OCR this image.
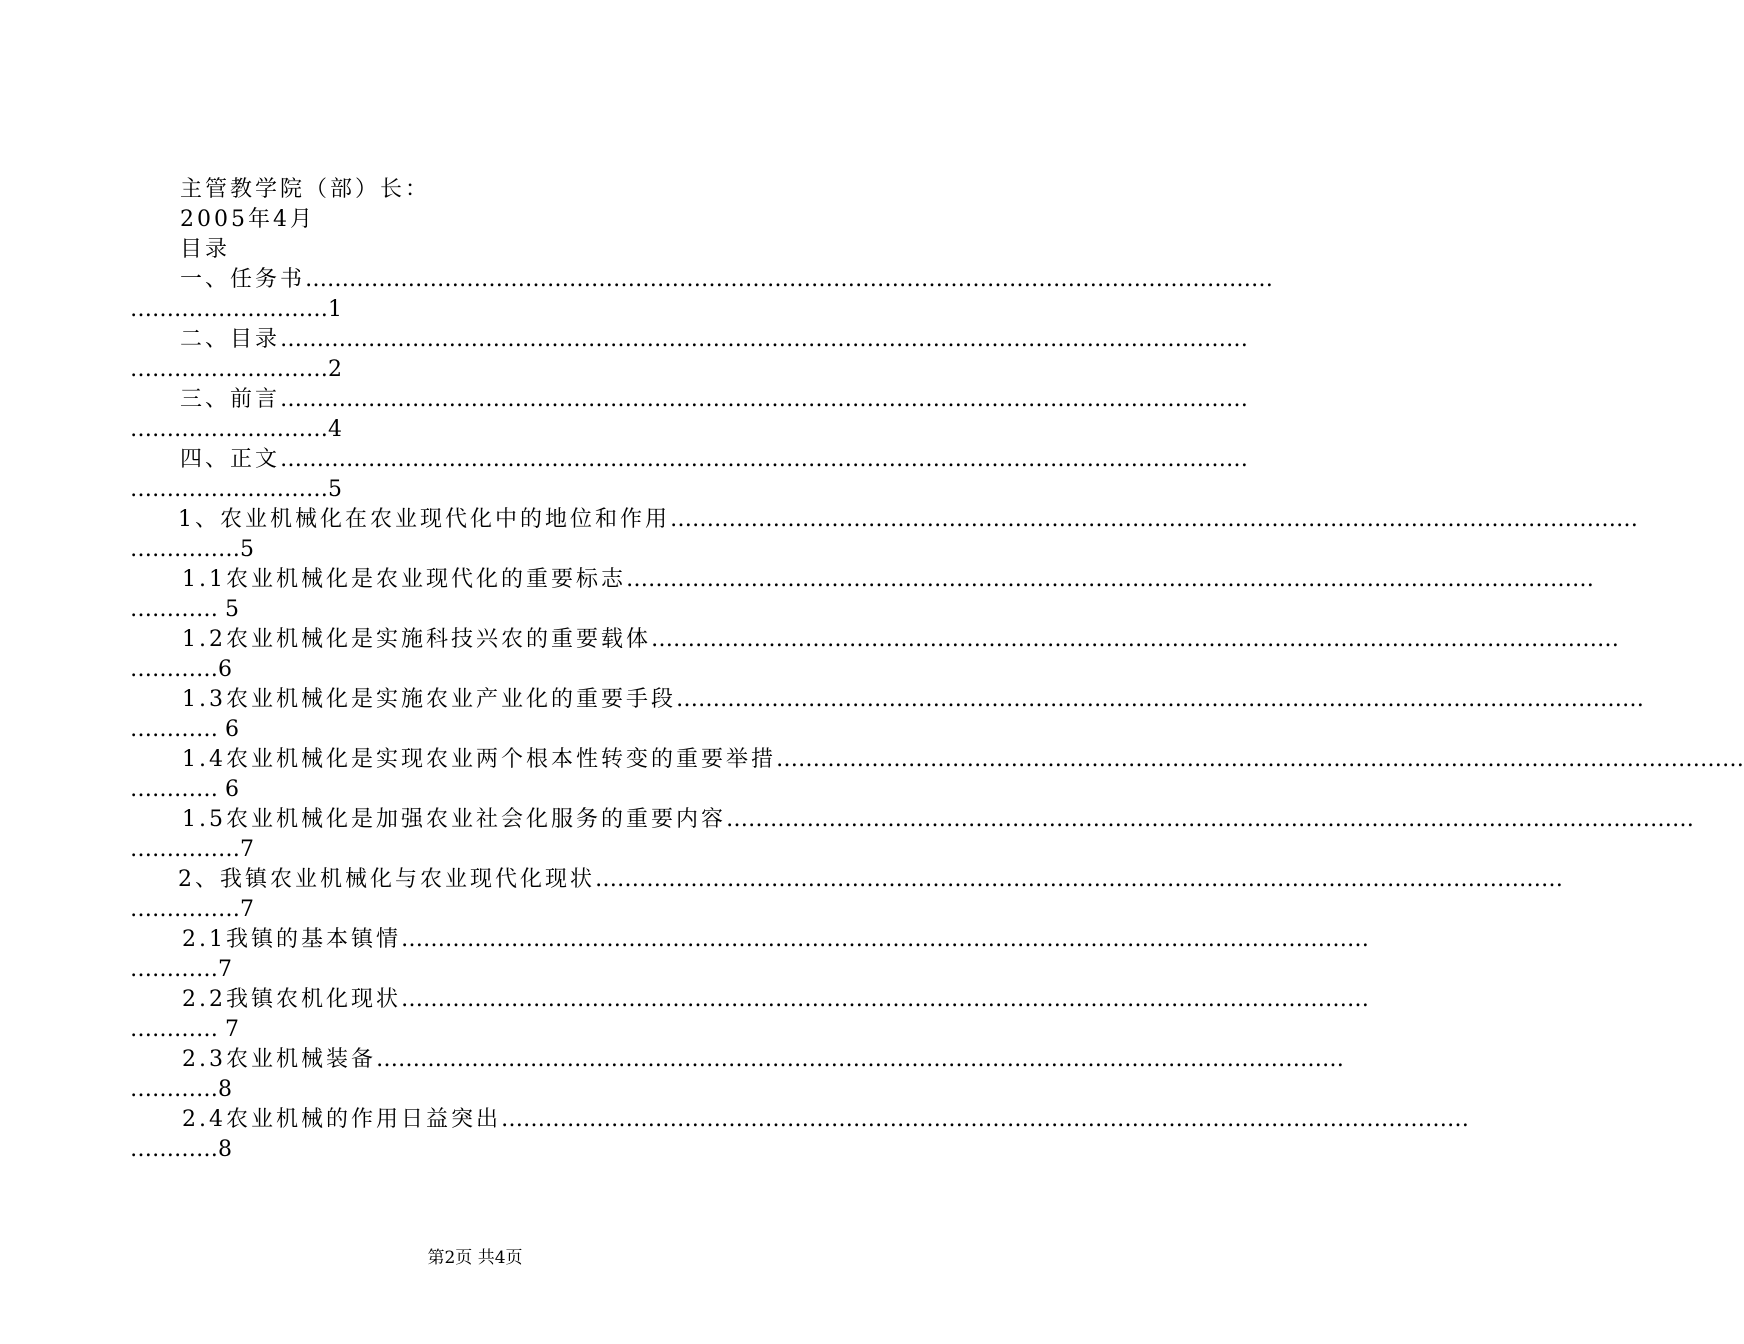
主管教学院（部）长：
2005年4月
目录
一、任务书……………………………………………………………………………………………………………………
………………………1
二、目录……………………………………………………………………………………………………………………
………………………2
三、前言……………………………………………………………………………………………………………………
………………………4
四、正文……………………………………………………………………………………………………………………
………………………5
1、农业机械化在农业现代化中的地位和作用……………………………………………………………………………………………………………………
……………5
1.1农业机械化是农业现代化的重要标志……………………………………………………………………………………………………………………
………… 5
1.2农业机械化是实施科技兴农的重要载体……………………………………………………………………………………………………………………
…………6
1.3农业机械化是实施农业产业化的重要手段……………………………………………………………………………………………………………………
………… 6
1.4农业机械化是实现农业两个根本性转变的重要举措……………………………………………………………………………………………………………………
………… 6
1.5农业机械化是加强农业社会化服务的重要内容……………………………………………………………………………………………………………………
……………7
2、我镇农业机械化与农业现代化现状……………………………………………………………………………………………………………………
……………7
2.1我镇的基本镇情……………………………………………………………………………………………………………………
…………7
2.2我镇农机化现状……………………………………………………………………………………………………………………
………… 7
2.3农业机械装备……………………………………………………………………………………………………………………
…………8
2.4农业机械的作用日益突出……………………………………………………………………………………………………………………
…………8
第2页 共4页
